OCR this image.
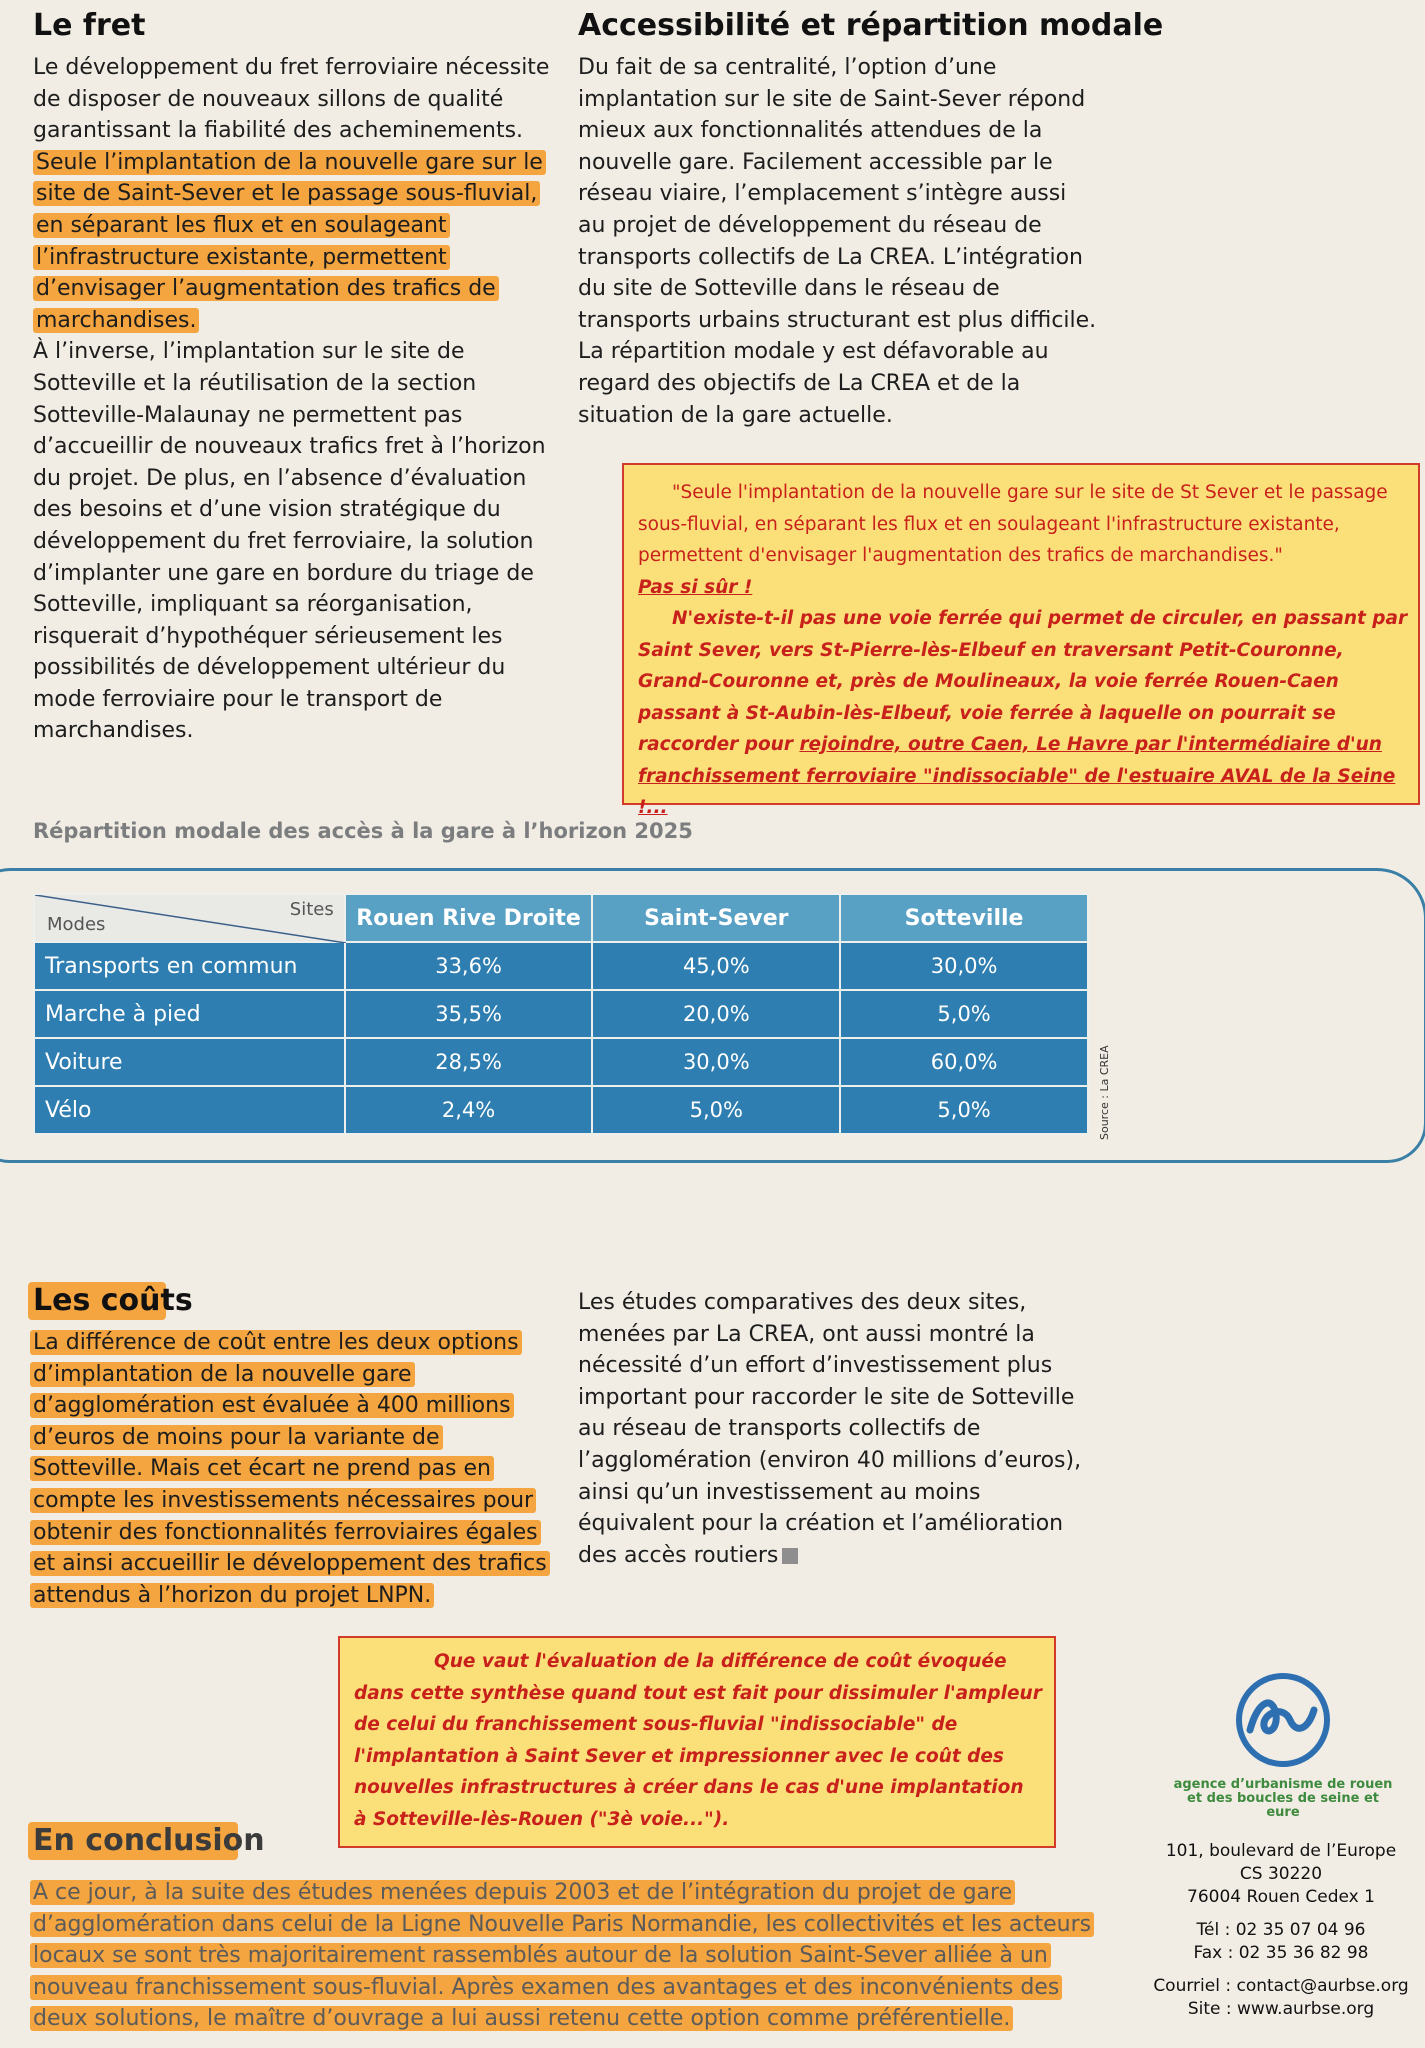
Le fret
Le développement du fret ferroviaire nécessite de disposer de nouveaux sillons de qualité garantissant la fiabilité des acheminements. Seule l’implantation de la nouvelle gare sur le site de Saint-Sever et le passage sous-fluvial, en séparant les flux et en soulageant l’infrastructure existante, permettent d’envisager l’augmentation des trafics de marchandises.
À l’inverse, l’implantation sur le site de Sotteville et la réutilisation de la section Sotteville-Malaunay ne permettent pas d’accueillir de nouveaux trafics fret à l’horizon du projet. De plus, en l’absence d’évaluation des besoins et d’une vision stratégique du développement du fret ferroviaire, la solution d’implanter une gare en bordure du triage de Sotteville, impliquant sa réorganisation, risquerait d’hypothéquer sérieusement les possibilités de développement ultérieur du mode ferroviaire pour le transport de marchandises.
Accessibilité et répartition modale
Du fait de sa centralité, l’option d’une implantation sur le site de Saint-Sever répond mieux aux fonctionnalités attendues de la nouvelle gare. Facilement accessible par le réseau viaire, l’emplacement s’intègre aussi au projet de développement du réseau de transports collectifs de La CREA. L’intégration du site de Sotteville dans le réseau de transports urbains structurant est plus difficile. La répartition modale y est défavorable au regard des objectifs de La CREA et de la situation de la gare actuelle.
"Seule l'implantation de la nouvelle gare sur le site de St Sever et le passage sous-fluvial, en séparant les flux et en soulageant l'infrastructure existante, permettent d'envisager l'augmentation des trafics de marchandises."
Pas si sûr !
N'existe-t-il pas une voie ferrée qui permet de circuler, en passant par Saint Sever, vers St-Pierre-lès-Elbeuf en traversant Petit-Couronne, Grand-Couronne et, près de Moulineaux, la voie ferrée Rouen-Caen passant à St-Aubin-lès-Elbeuf, voie ferrée à laquelle on pourrait se raccorder pour rejoindre, outre Caen, Le Havre par l'intermédiaire d'un franchissement ferroviaire "indissociable" de l'estuaire AVAL de la Seine !...
Répartition modale des accès à la gare à l’horizon 2025
Sites
Modes	Rouen Rive Droite	Saint-Sever	Sotteville
Transports en commun	33,6%	45,0%	30,0%
Marche à pied	35,5%	20,0%	5,0%
Voiture	28,5%	30,0%	60,0%
Vélo	2,4%	5,0%	5,0%	Source : La CREA
Les coûts
La différence de coût entre les deux options d’implantation de la nouvelle gare d’agglomération est évaluée à 400 millions d’euros de moins pour la variante de Sotteville. Mais cet écart ne prend pas en compte les investissements nécessaires pour obtenir des fonctionnalités ferroviaires égales et ainsi accueillir le développement des trafics attendus à l’horizon du projet LNPN.
Les études comparatives des deux sites, menées par La CREA, ont aussi montré la nécessité d’un effort d’investissement plus important pour raccorder le site de Sotteville au réseau de transports collectifs de l’agglomération (environ 40 millions d’euros), ainsi qu’un investissement au moins équivalent pour la création et l’amélioration des accès routiers
Que vaut l'évaluation de la différence de coût évoquée dans cette synthèse quand tout est fait pour dissimuler l'ampleur de celui du franchissement sous-fluvial "indissociable" de l'implantation à Saint Sever et impressionner avec le coût des nouvelles infrastructures à créer dans le cas d'une implantation à Sotteville-lès-Rouen ("3è voie...").
agence d’urbanisme de rouen et des boucles de seine et eure
101, boulevard de l’Europe
CS 30220
76004 Rouen Cedex 1
Tél : 02 35 07 04 96
Fax : 02 35 36 82 98
Courriel : contact@aurbse.org
Site : www.aurbse.org
En conclusion
A ce jour, à la suite des études menées depuis 2003 et de l’intégration du projet de gare d’agglomération dans celui de la Ligne Nouvelle Paris Normandie, les collectivités et les acteurs locaux se sont très majoritairement rassemblés autour de la solution Saint-Sever alliée à un nouveau franchissement sous-fluvial. Après examen des avantages et des inconvénients des deux solutions, le maître d’ouvrage a lui aussi retenu cette option comme préférentielle.
